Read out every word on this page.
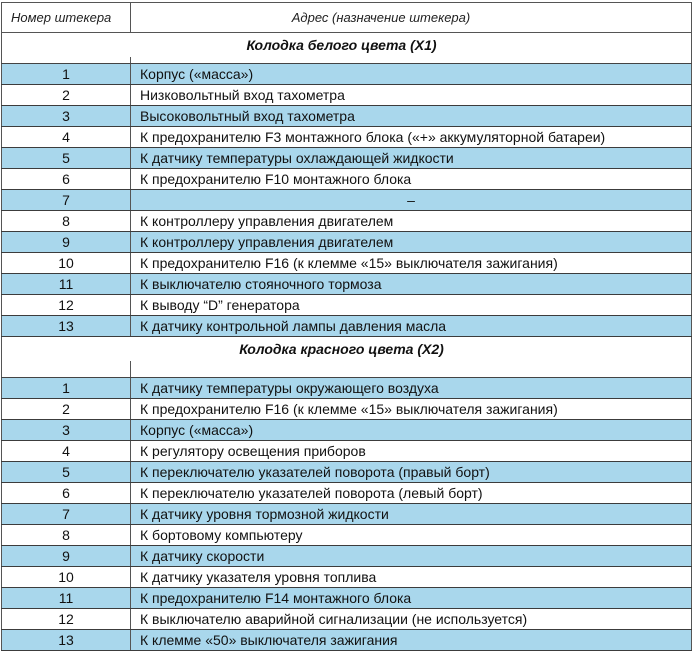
Номер штекера	Адрес (назначение штекера)
Колодка белого цвета (Х1)	

1	Корпус («масса»)
2	Низковольтный вход тахометра
3	Высоковольтный вход тахометра
4	К предохранителю F3 монтажного блока («+» аккумуляторной батареи)
5	К датчику температуры охлаждающей жидкости
6	К предохранителю F10 монтажного блока
7	–
8	К контроллеру управления двигателем
9	К контроллеру управления двигателем
10	К предохранителю F16 (к клемме «15» выключателя зажигания)
11	К выключателю стояночного тормоза
12	К выводу “D” генератора
13	К датчику контрольной лампы давления масла
Колодка красного цвета (Х2)	

1	К датчику температуры окружающего воздуха
2	К предохранителю F16 (к клемме «15» выключателя зажигания)
3	Корпус («масса»)
4	К регулятору освещения приборов
5	К переключателю указателей поворота (правый борт)
6	К переключателю указателей поворота (левый борт)
7	К датчику уровня тормозной жидкости
8	К бортовому компьютеру
9	К датчику скорости
10	К датчику указателя уровня топлива
11	К предохранителю F14 монтажного блока
12	К выключателю аварийной сигнализации (не используется)
13	К клемме «50» выключателя зажигания
